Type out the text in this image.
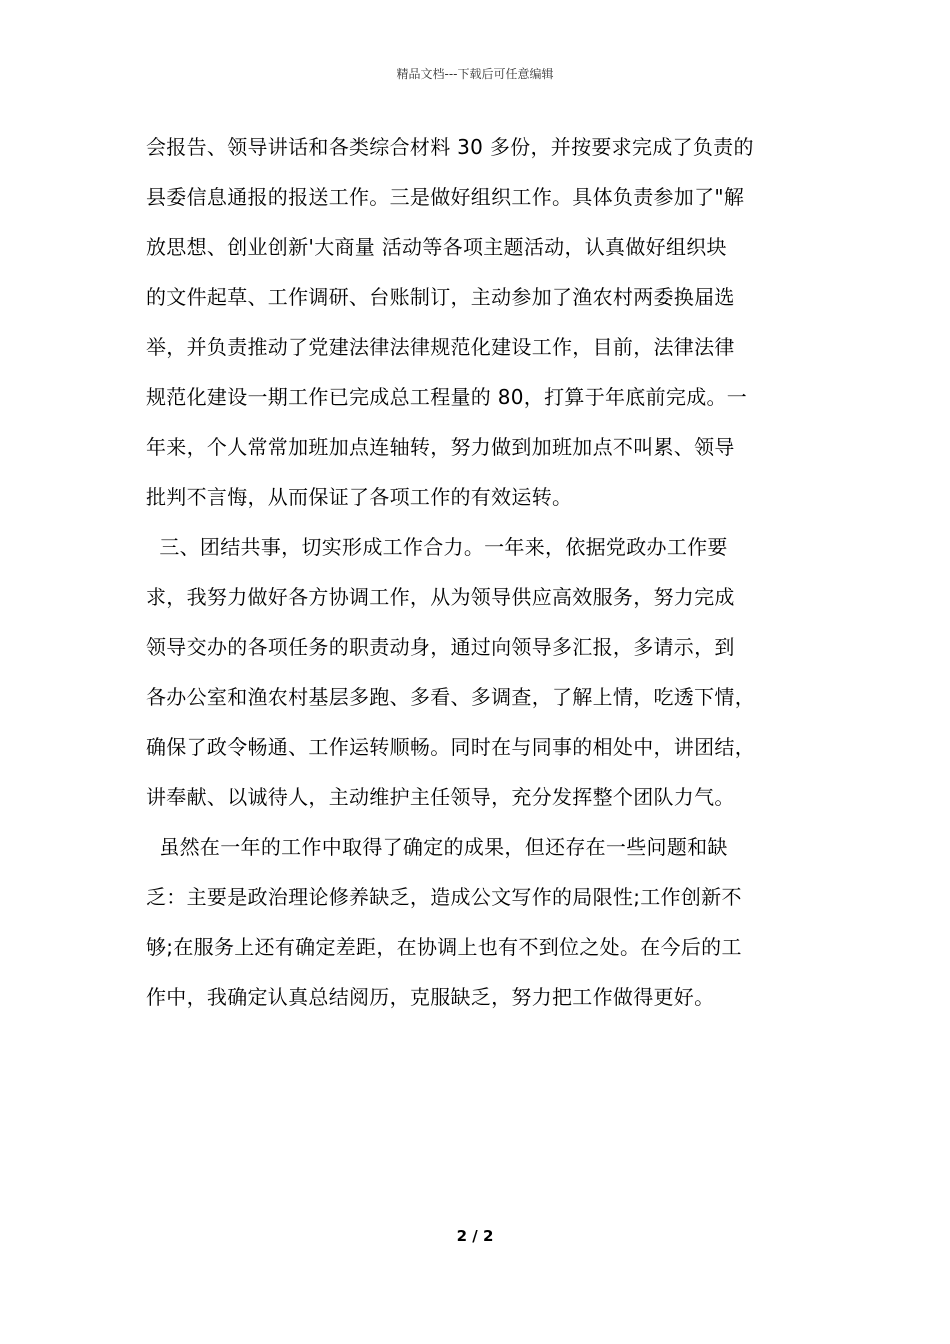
精品文档---下载后可任意编辑
会报告、领导讲话和各类综合材料 30 多份，并按要求完成了负责的
县委信息通报的报送工作。三是做好组织工作。具体负责参加了"解
放思想、创业创新'大商量 活动等各项主题活动，认真做好组织块
的文件起草、工作调研、台账制订，主动参加了渔农村两委换届选
举，并负责推动了党建法律法律规范化建设工作，目前，法律法律
规范化建设一期工作已完成总工程量的 80，打算于年底前完成。一
年来，个人常常加班加点连轴转，努力做到加班加点不叫累、领导
批判不言悔，从而保证了各项工作的有效运转。
三、团结共事，切实形成工作合力。一年来，依据党政办工作要
求，我努力做好各方协调工作，从为领导供应高效服务，努力完成
领导交办的各项任务的职责动身，通过向领导多汇报，多请示，到
各办公室和渔农村基层多跑、多看、多调查，了解上情，吃透下情，
确保了政令畅通、工作运转顺畅。同时在与同事的相处中，讲团结，
讲奉献、以诚待人，主动维护主任领导，充分发挥整个团队力气。
虽然在一年的工作中取得了确定的成果，但还存在一些问题和缺
乏：主要是政治理论修养缺乏，造成公文写作的局限性;工作创新不
够;在服务上还有确定差距，在协调上也有不到位之处。在今后的工
作中，我确定认真总结阅历，克服缺乏，努力把工作做得更好。
2 / 2
